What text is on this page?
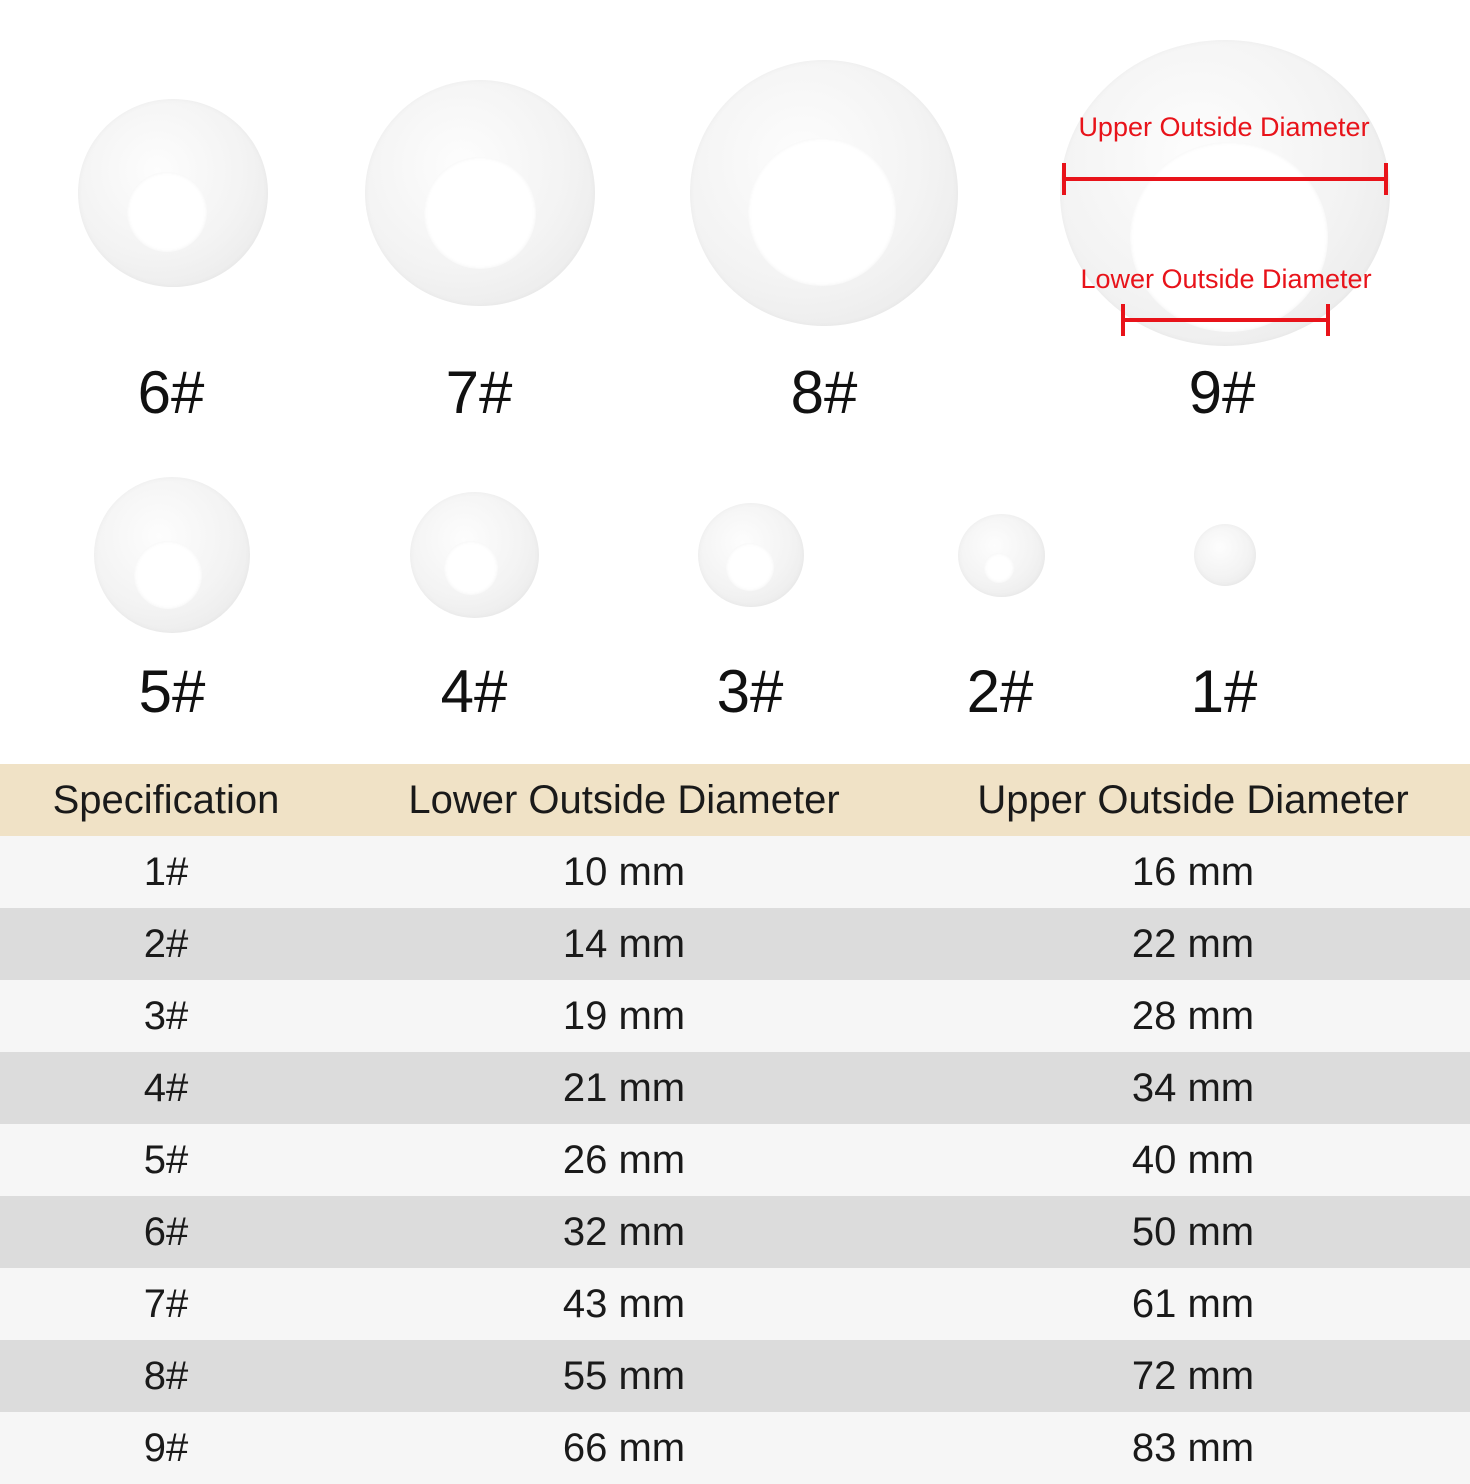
Upper Outside Diameter
Lower Outside Diameter
6#	7#	8#	9#
5#	4#	3#	2#	1#
Specification	Lower Outside Diameter	Upper Outside Diameter
1#	10 mm	16 mm
2#	14 mm	22 mm
3#	19 mm	28 mm
4#	21 mm	34 mm
5#	26 mm	40 mm
6#	32 mm	50 mm
7#	43 mm	61 mm
8#	55 mm	72 mm
9#	66 mm	83 mm
